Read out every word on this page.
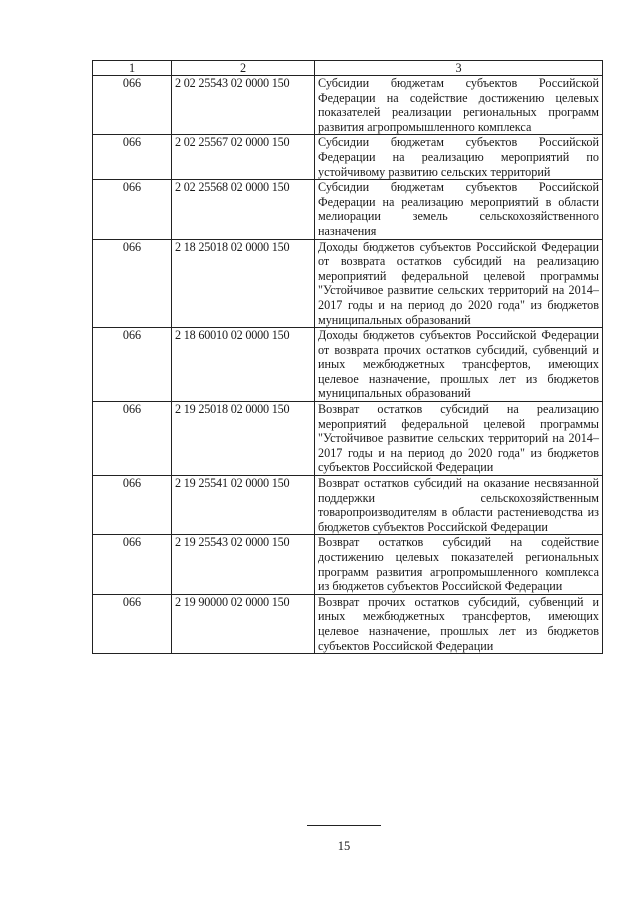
1	2	3
066	2 02 25543 02 0000 150	Субсидии бюджетам субъектов Российской Федерации на содействие достижению целевых показателей реализации региональных программ развития агропромышленного комплекса
066	2 02 25567 02 0000 150	Субсидии бюджетам субъектов Российской Федерации на реализацию мероприятий по устойчивому развитию сельских территорий
066	2 02 25568 02 0000 150	Субсидии бюджетам субъектов Российской Федерации на реализацию мероприятий в области мелиорации земель сельскохозяйственного назначения
066	2 18 25018 02 0000 150	Доходы бюджетов субъектов Российской Федерации от возврата остатков субсидий на реализацию мероприятий федеральной целевой программы "Устойчивое развитие сельских территорий на 2014–2017 годы и на период до 2020 года" из бюджетов муниципальных образований
066	2 18 60010 02 0000 150	Доходы бюджетов субъектов Российской Федерации от возврата прочих остатков субсидий, субвенций и иных межбюджетных трансфертов, имеющих целевое назначение, прошлых лет из бюджетов муниципальных образований
066	2 19 25018 02 0000 150	Возврат остатков субсидий на реализацию мероприятий федеральной целевой программы "Устойчивое развитие сельских территорий на 2014–2017 годы и на период до 2020 года" из бюджетов субъектов Российской Федерации
066	2 19 25541 02 0000 150	Возврат остатков субсидий на оказание несвязанной поддержки сельскохозяйственным товаропроизводителям в области растениеводства из бюджетов субъектов Российской Федерации
066	2 19 25543 02 0000 150	Возврат остатков субсидий на содействие достижению целевых показателей региональных программ развития агропромышленного комплекса из бюджетов субъектов Российской Федерации
066	2 19 90000 02 0000 150	Возврат прочих остатков субсидий, субвенций и иных межбюджетных трансфертов, имеющих целевое назначение, прошлых лет из бюджетов субъектов Российской Федерации
15
